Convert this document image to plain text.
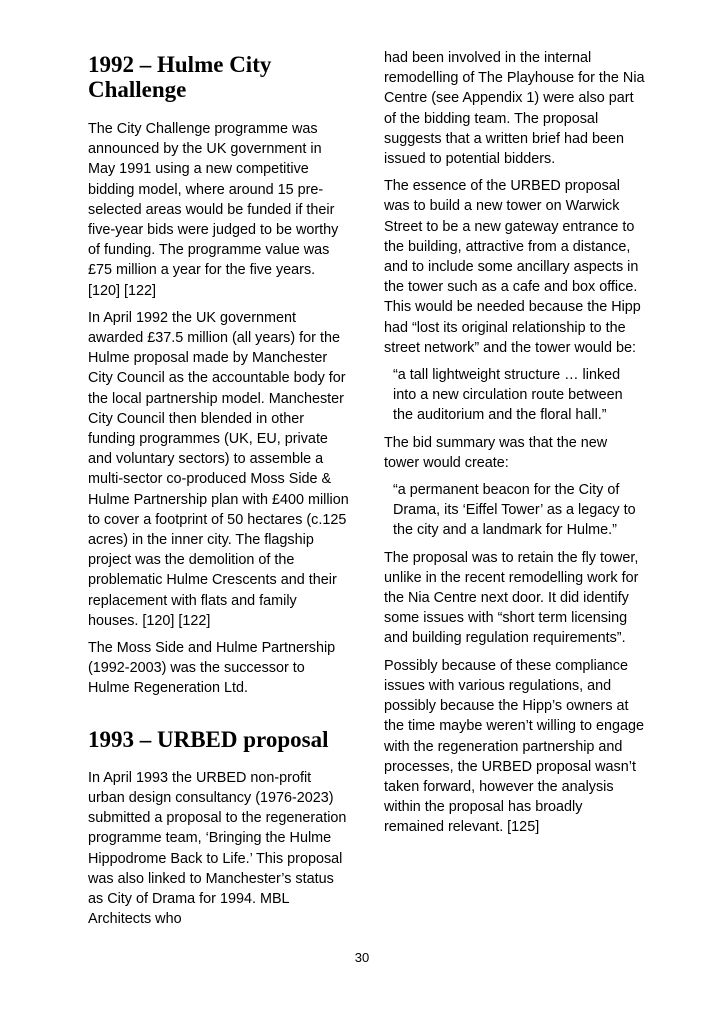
1992 – Hulme City Challenge

The City Challenge programme was announced by the UK government in May 1991 using a new competitive bidding model, where around 15 pre-selected areas would be funded if their five-year bids were judged to be worthy of funding. The programme value was £75 million a year for the five years. [120] [122]

In April 1992 the UK government awarded £37.5 million (all years) for the Hulme proposal made by Manchester City Council as the accountable body for the local partnership model. Manchester City Council then blended in other funding programmes (UK, EU, private and voluntary sectors) to assemble a multi-sector co-produced Moss Side & Hulme Partnership plan with £400 million to cover a footprint of 50 hectares (c.125 acres) in the inner city. The flagship project was the demolition of the problematic Hulme Crescents and their replacement with flats and family houses. [120] [122]

The Moss Side and Hulme Partnership (1992-2003) was the successor to Hulme Regeneration Ltd.

1993 – URBED proposal

In April 1993 the URBED non-profit urban design consultancy (1976-2023) submitted a proposal to the regeneration programme team, ‘Bringing the Hulme Hippodrome Back to Life.’ This proposal was also linked to Manchester’s status as City of Drama for 1994. MBL Architects who

had been involved in the internal remodelling of The Playhouse for the Nia Centre (see Appendix 1) were also part of the bidding team. The proposal suggests that a written brief had been issued to potential bidders.

The essence of the URBED proposal was to build a new tower on Warwick Street to be a new gateway entrance to the building, attractive from a distance, and to include some ancillary aspects in the tower such as a cafe and box office. This would be needed because the Hipp had “lost its original relationship to the street network” and the tower would be:

“a tall lightweight structure … linked into a new circulation route between the auditorium and the floral hall.”

The bid summary was that the new tower would create:

“a permanent beacon for the City of Drama, its ‘Eiffel Tower’ as a legacy to the city and a landmark for Hulme.”

The proposal was to retain the fly tower, unlike in the recent remodelling work for the Nia Centre next door. It did identify some issues with “short term licensing and building regulation requirements”.

Possibly because of these compliance issues with various regulations, and possibly because the Hipp’s owners at the time maybe weren’t willing to engage with the regeneration partnership and processes, the URBED proposal wasn’t taken forward, however the analysis within the proposal has broadly remained relevant. [125]

30
